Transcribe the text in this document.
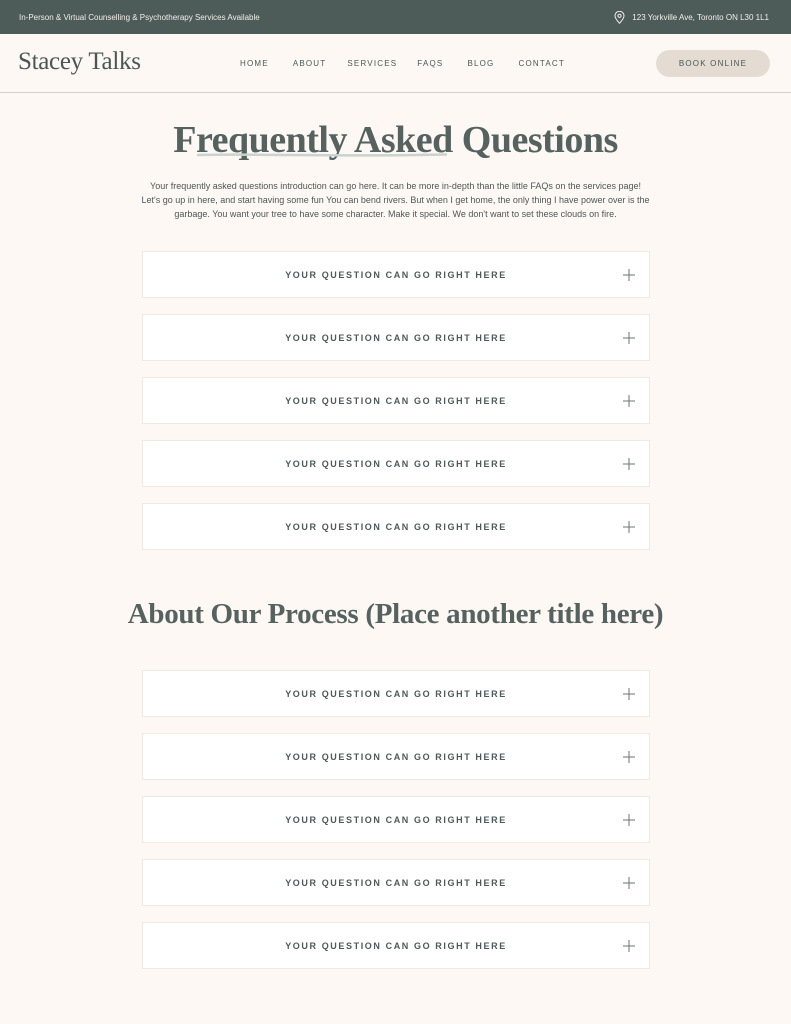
In-Person & Virtual Counselling & Psychotherapy Services Available	123 Yorkville Ave, Toronto ON L30 1L1
Stacey Talks	HOME	ABOUT	SERVICES	FAQS	BLOG	CONTACT	BOOK ONLINE
Frequently Asked Questions

Your frequently asked questions introduction can go here. It can be more in-depth than the little FAQs on the services page! Let's go up in here, and start having some fun You can bend rivers. But when I get home, the only thing I have power over is the garbage. You want your tree to have some character. Make it special. We don't want to set these clouds on fire.

YOUR QUESTION CAN GO RIGHT HERE
YOUR QUESTION CAN GO RIGHT HERE
YOUR QUESTION CAN GO RIGHT HERE
YOUR QUESTION CAN GO RIGHT HERE
YOUR QUESTION CAN GO RIGHT HERE
About Our Process (Place another title here)
YOUR QUESTION CAN GO RIGHT HERE
YOUR QUESTION CAN GO RIGHT HERE
YOUR QUESTION CAN GO RIGHT HERE
YOUR QUESTION CAN GO RIGHT HERE
YOUR QUESTION CAN GO RIGHT HERE
